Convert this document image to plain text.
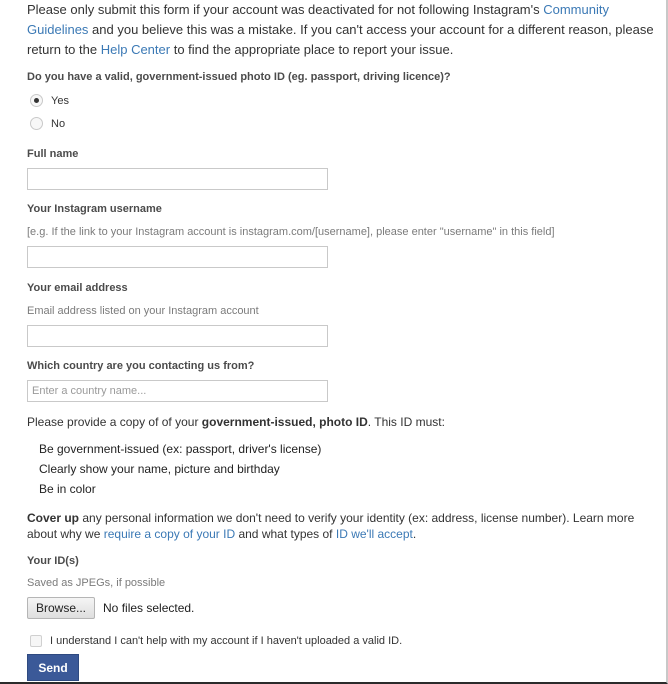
Please only submit this form if your account was deactivated for not following Instagram's Community Guidelines and you believe this was a mistake. If you can't access your account for a different reason, please return to the Help Center to find the appropriate place to report your issue.

Do you have a valid, government-issued photo ID (eg. passport, driving licence)?
Yes
No
Full name
Your Instagram username
[e.g. If the link to your Instagram account is instagram.com/[username], please enter "username" in this field]
Your email address
Email address listed on your Instagram account
Which country are you contacting us from?
Enter a country name...
Please provide a copy of of your government-issued, photo ID. This ID must:
Be government-issued (ex: passport, driver's license)
Clearly show your name, picture and birthday
Be in color

Cover up any personal information we don't need to verify your identity (ex: address, license number). Learn more about why we require a copy of your ID and what types of ID we'll accept.

Your ID(s)
Saved as JPEGs, if possible
Browse...	No files selected.
I understand I can't help with my account if I haven't uploaded a valid ID.
Send
